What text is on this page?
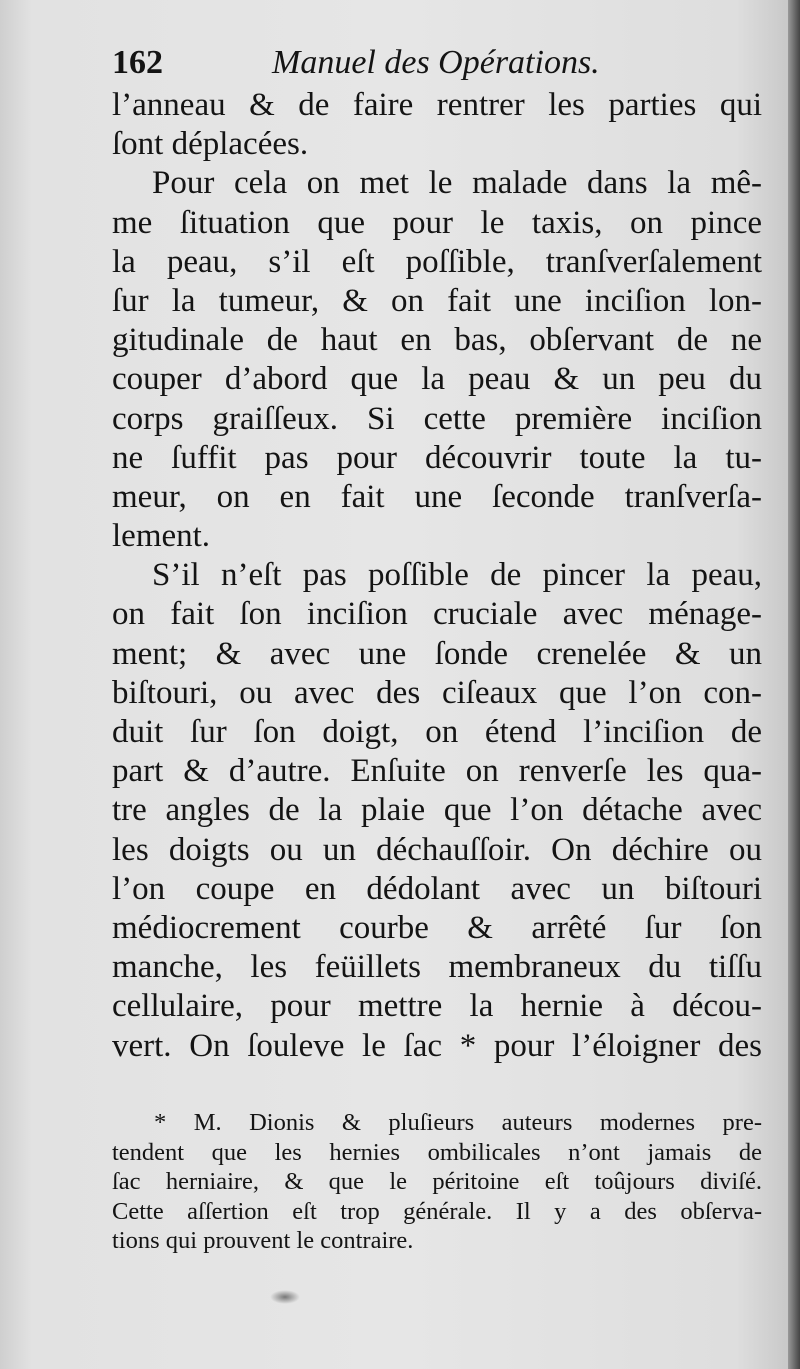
162	Manuel des Opérations.
l’anneau & de faire rentrer les parties qui
ſont déplacées.
Pour cela on met le malade dans la mê-
me ſituation que pour le taxis, on pince
la peau, s’il eſt poſſible, tranſverſalement
ſur la tumeur, & on fait une inciſion lon-
gitudinale de haut en bas, obſervant de ne
couper d’abord que la peau & un peu du
corps graiſſeux. Si cette première inciſion
ne ſuffit pas pour découvrir toute la tu-
meur, on en fait une ſeconde tranſverſa-
lement.
S’il n’eſt pas poſſible de pincer la peau,
on fait ſon inciſion cruciale avec ménage-
ment; & avec une ſonde crenelée & un
biſtouri, ou avec des ciſeaux que l’on con-
duit ſur ſon doigt, on étend l’inciſion de
part & d’autre. Enſuite on renverſe les qua-
tre angles de la plaie que l’on détache avec
les doigts ou un déchauſſoir. On déchire ou
l’on coupe en dédolant avec un biſtouri
médiocrement courbe & arrêté ſur ſon
manche, les feüillets membraneux du tiſſu
cellulaire, pour mettre la hernie à décou-
vert. On ſouleve le ſac * pour l’éloigner des
* M. Dionis & pluſieurs auteurs modernes pre-
tendent que les hernies ombilicales n’ont jamais de
ſac herniaire, & que le péritoine eſt toûjours diviſé.
Cette aſſertion eſt trop générale. Il y a des obſerva-
tions qui prouvent le contraire.
